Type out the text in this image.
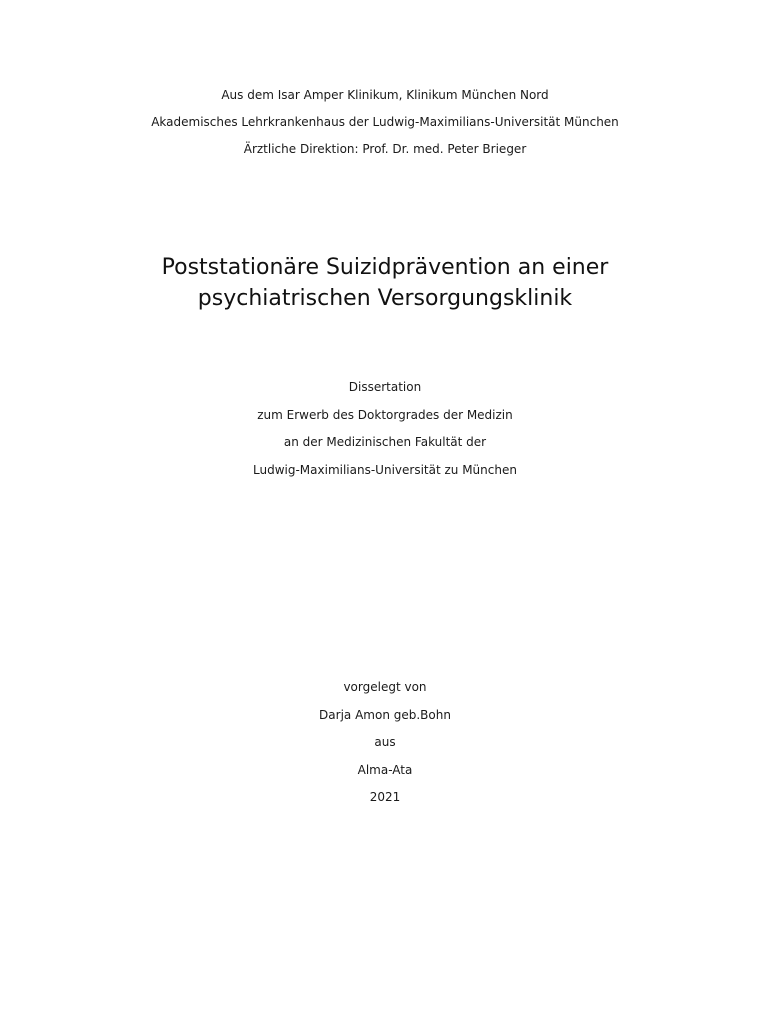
Aus dem Isar Amper Klinikum, Klinikum München Nord
Akademisches Lehrkrankenhaus der Ludwig-Maximilians-Universität München
Ärztliche Direktion: Prof. Dr. med. Peter Brieger
Poststationäre Suizidprävention an einer
psychiatrischen Versorgungsklinik
Dissertation
zum Erwerb des Doktorgrades der Medizin
an der Medizinischen Fakultät der
Ludwig-Maximilians-Universität zu München
vorgelegt von
Darja Amon geb.Bohn
aus
Alma-Ata
2021
